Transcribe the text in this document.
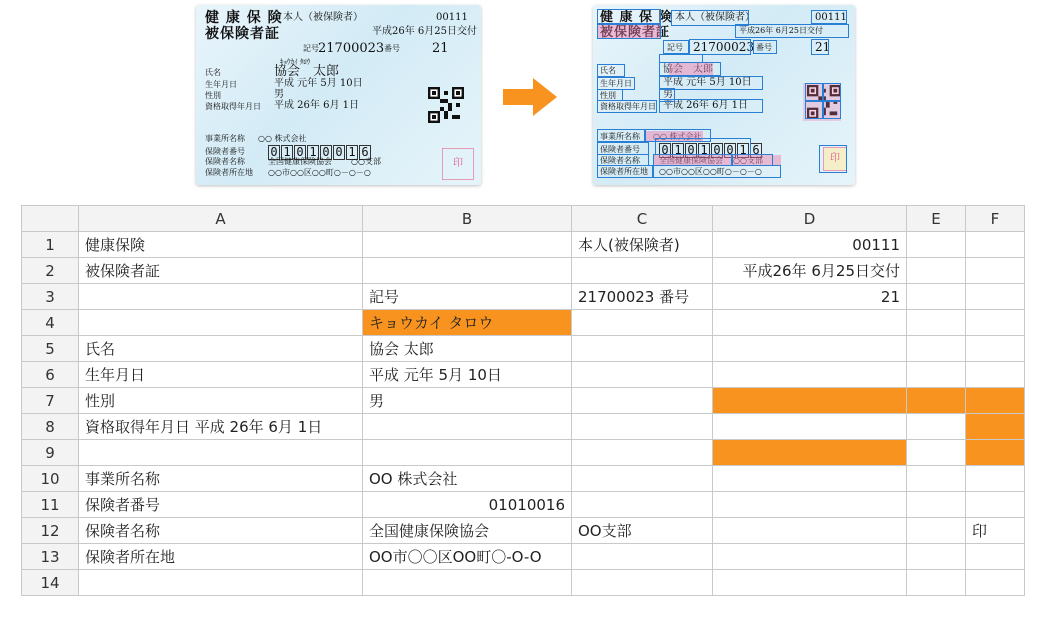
健 康 保 険
被保険者証
本人（被保険者）	00111
平成26年 6月25日交付
記号 21700023 番号 21
ｷｮｳｶｲ ﾀﾛｳ
氏名	協会　太郎
生年月日	平成 元年 5月 10日
性別	男
資格取得年月日 平成 26年 6月 1日
事業所名称 ○○ 株式会社
保険者番号 0 1 0 1 0 0 1 6
保険者名称	全国健康保険協会 ○○支部
保険者所在地 ○○市○○区○○町○－○－○
印
健 康 保 険
被保険者証
本人（被保険者）	00111
平成26年 6月25日交付
記号 21700023 番号	21
氏名	協会　太郎
生年月日	平成 元年 5月 10日
性別	男
資格取得年月日 平成 26年 6月 1日
事業所名称 ○○ 株式会社
保険者番号 0 1 0 1 0 0 1 6
保険者名称 全国健康保険協会 ○○支部
保険者所在地 ○○市○○区○○町○－○－○
印
	A	B	C	D	E	F
1	健康保険		本人(被保険者)	00111		
2	被保険者証			平成26年 6月25日交付		
3		記号	21700023 番号	21		
4		キョウカイ タロウ				
5	氏名	協会 太郎				
6	生年月日	平成 元年 5月 10日				
7	性別	男				
8	資格取得年月日 平成 26年 6月 1日					
9						
10	事業所名称	OO 株式会社				
11	保険者番号	01010016				
12	保険者名称	全国健康保険協会	OO支部			印
13	保険者所在地	OO市〇〇区OO町〇-O-O				
14						
